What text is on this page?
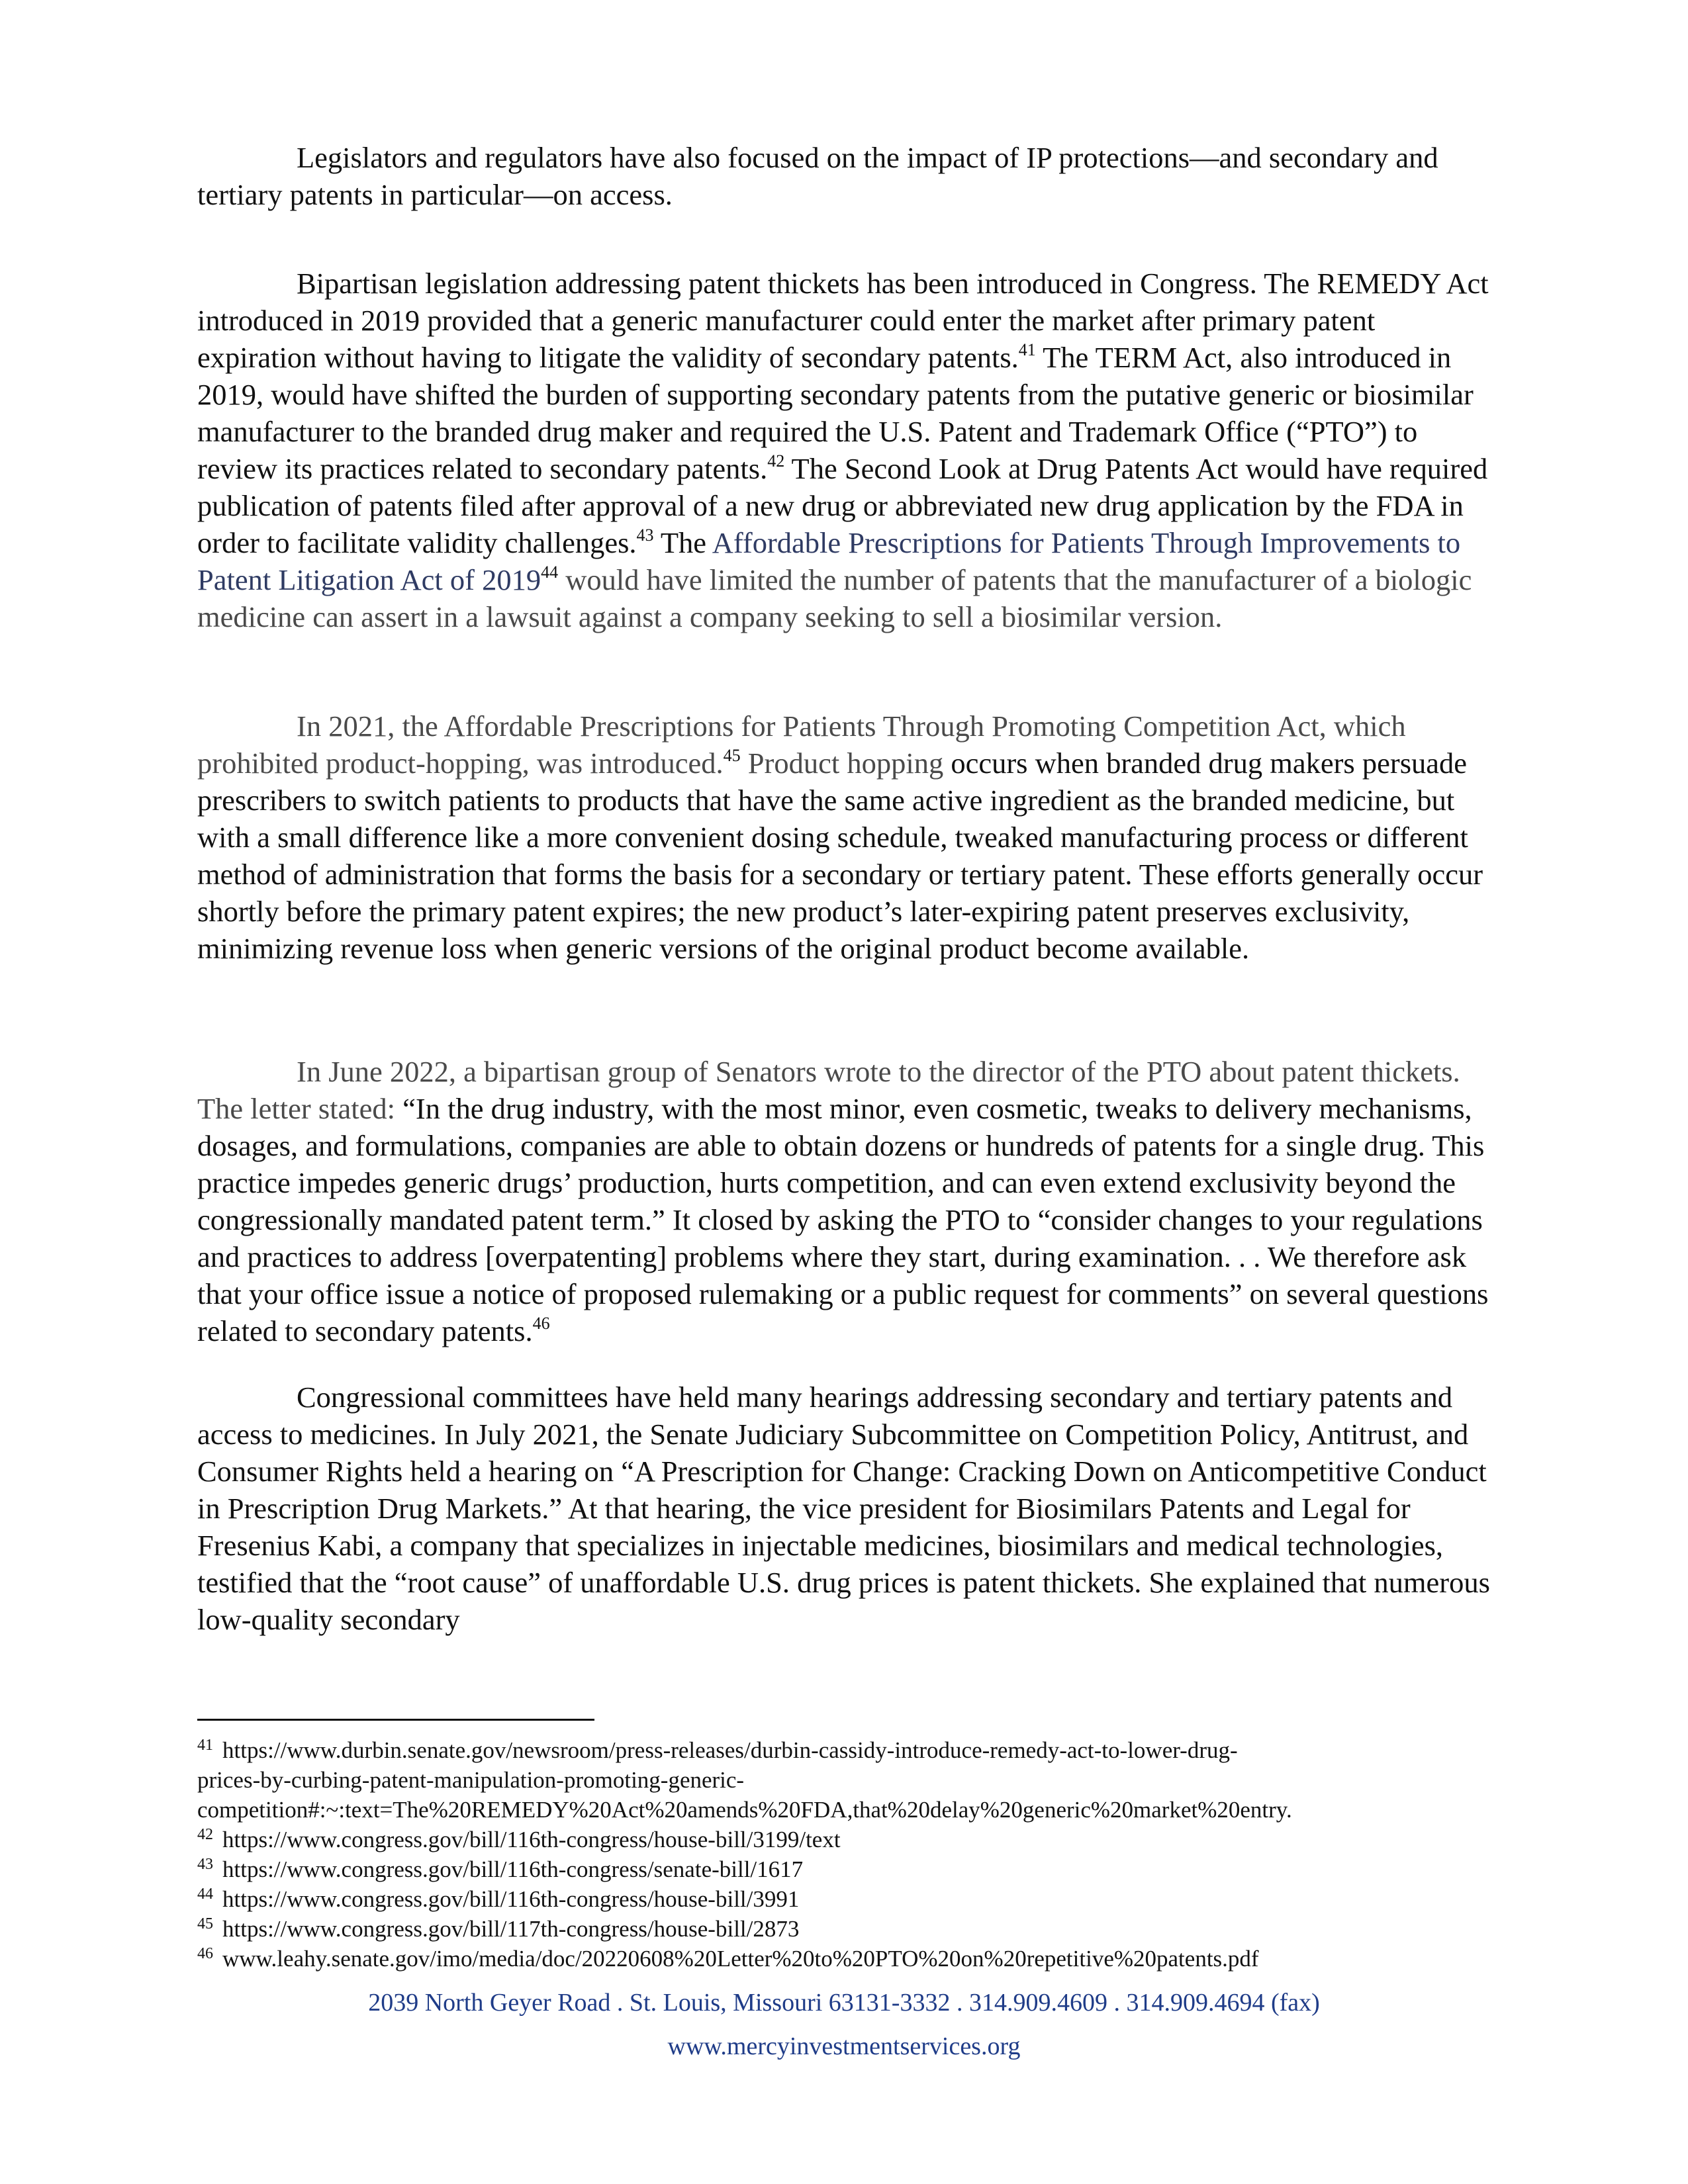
Legislators and regulators have also focused on the impact of IP protections—and secondary and tertiary patents in particular—on access.

Bipartisan legislation addressing patent thickets has been introduced in Congress. The REMEDY Act introduced in 2019 provided that a generic manufacturer could enter the market after primary patent expiration without having to litigate the validity of secondary patents.$^{41}$ The TERM Act, also introduced in 2019, would have shifted the burden of supporting secondary patents from the putative generic or biosimilar manufacturer to the branded drug maker and required the U.S. Patent and Trademark Office (“PTO”) to review its practices related to secondary patents.$^{42}$ The Second Look at Drug Patents Act would have required publication of patents filed after approval of a new drug or abbreviated new drug application by the FDA in order to facilitate validity challenges.$^{43}$ The Affordable Prescriptions for Patients Through Improvements to Patent Litigation Act of 2019$^{44}$ would have limited the number of patents that the manufacturer of a biologic medicine can assert in a lawsuit against a company seeking to sell a biosimilar version.

In 2021, the Affordable Prescriptions for Patients Through Promoting Competition Act, which prohibited product-hopping, was introduced.$^{45}$ Product hopping occurs when branded drug makers persuade prescribers to switch patients to products that have the same active ingredient as the branded medicine, but with a small difference like a more convenient dosing schedule, tweaked manufacturing process or different method of administration that forms the basis for a secondary or tertiary patent. These efforts generally occur shortly before the primary patent expires; the new product’s later-expiring patent preserves exclusivity, minimizing revenue loss when generic versions of the original product become available.

In June 2022, a bipartisan group of Senators wrote to the director of the PTO about patent thickets. The letter stated: “In the drug industry, with the most minor, even cosmetic, tweaks to delivery mechanisms, dosages, and formulations, companies are able to obtain dozens or hundreds of patents for a single drug. This practice impedes generic drugs’ production, hurts competition, and can even extend exclusivity beyond the congressionally mandated patent term.” It closed by asking the PTO to “consider changes to your regulations and practices to address [overpatenting] problems where they start, during examination. . . We therefore ask that your office issue a notice of proposed rulemaking or a public request for comments” on several questions related to secondary patents.$^{46}$

Congressional committees have held many hearings addressing secondary and tertiary patents and access to medicines. In July 2021, the Senate Judiciary Subcommittee on Competition Policy, Antitrust, and Consumer Rights held a hearing on “A Prescription for Change: Cracking Down on Anticompetitive Conduct in Prescription Drug Markets.” At that hearing, the vice president for Biosimilars Patents and Legal for Fresenius Kabi, a company that specializes in injectable medicines, biosimilars and medical technologies, testified that the “root cause” of unaffordable U.S. drug prices is patent thickets. She explained that numerous low-quality secondary

41 https://www.durbin.senate.gov/newsroom/press-releases/durbin-cassidy-introduce-remedy-act-to-lower-drug-
prices-by-curbing-patent-manipulation-promoting-generic-
competition#:~:text=The%20REMEDY%20Act%20amends%20FDA,that%20delay%20generic%20market%20entry.

42 https://www.congress.gov/bill/116th-congress/house-bill/3199/text

43 https://www.congress.gov/bill/116th-congress/senate-bill/1617

44 https://www.congress.gov/bill/116th-congress/house-bill/3991

45 https://www.congress.gov/bill/117th-congress/house-bill/2873

46 www.leahy.senate.gov/imo/media/doc/20220608%20Letter%20to%20PTO%20on%20repetitive%20patents.pdf

2039 North Geyer Road . St. Louis, Missouri 63131-3332 . 314.909.4609 . 314.909.4694 (fax)
www.mercyinvestmentservices.org
